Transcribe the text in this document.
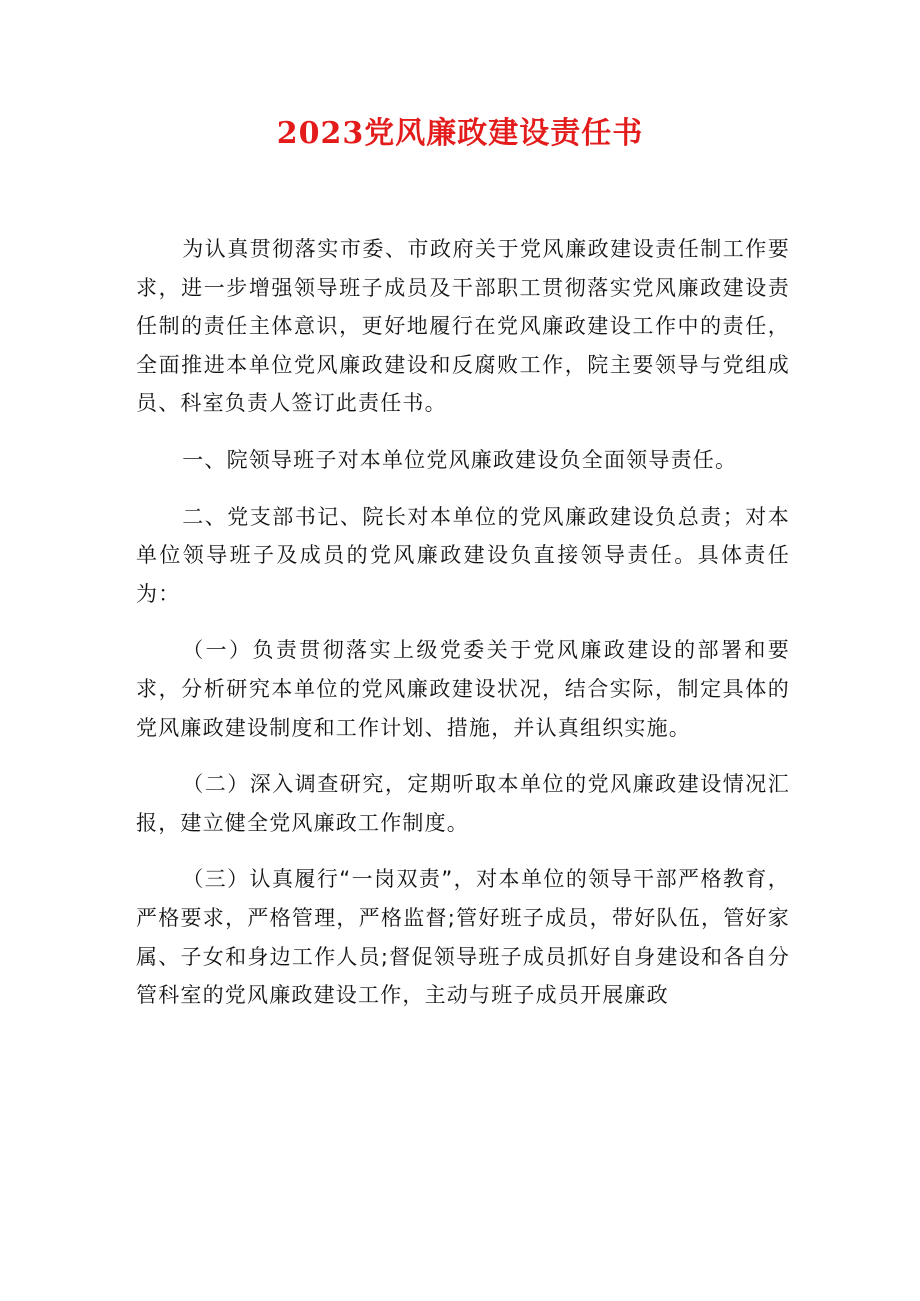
2023党风廉政建设责任书

为认真贯彻落实市委、市政府关于党风廉政建设责任制工作要求，进一步增强领导班子成员及干部职工贯彻落实党风廉政建设责任制的责任主体意识，更好地履行在党风廉政建设工作中的责任，全面推进本单位党风廉政建设和反腐败工作，院主要领导与党组成员、科室负责人签订此责任书。

一、院领导班子对本单位党风廉政建设负全面领导责任。

二、党支部书记、院长对本单位的党风廉政建设负总责；对本单位领导班子及成员的党风廉政建设负直接领导责任。具体责任为：

（一）负责贯彻落实上级党委关于党风廉政建设的部署和要求，分析研究本单位的党风廉政建设状况，结合实际，制定具体的党风廉政建设制度和工作计划、措施，并认真组织实施。

（二）深入调查研究，定期听取本单位的党风廉政建设情况汇报，建立健全党风廉政工作制度。

（三）认真履行“一岗双责”，对本单位的领导干部严格教育，严格要求，严格管理，严格监督;管好班子成员，带好队伍，管好家属、子女和身边工作人员;督促领导班子成员抓好自身建设和各自分管科室的党风廉政建设工作，主动与班子成员开展廉政
